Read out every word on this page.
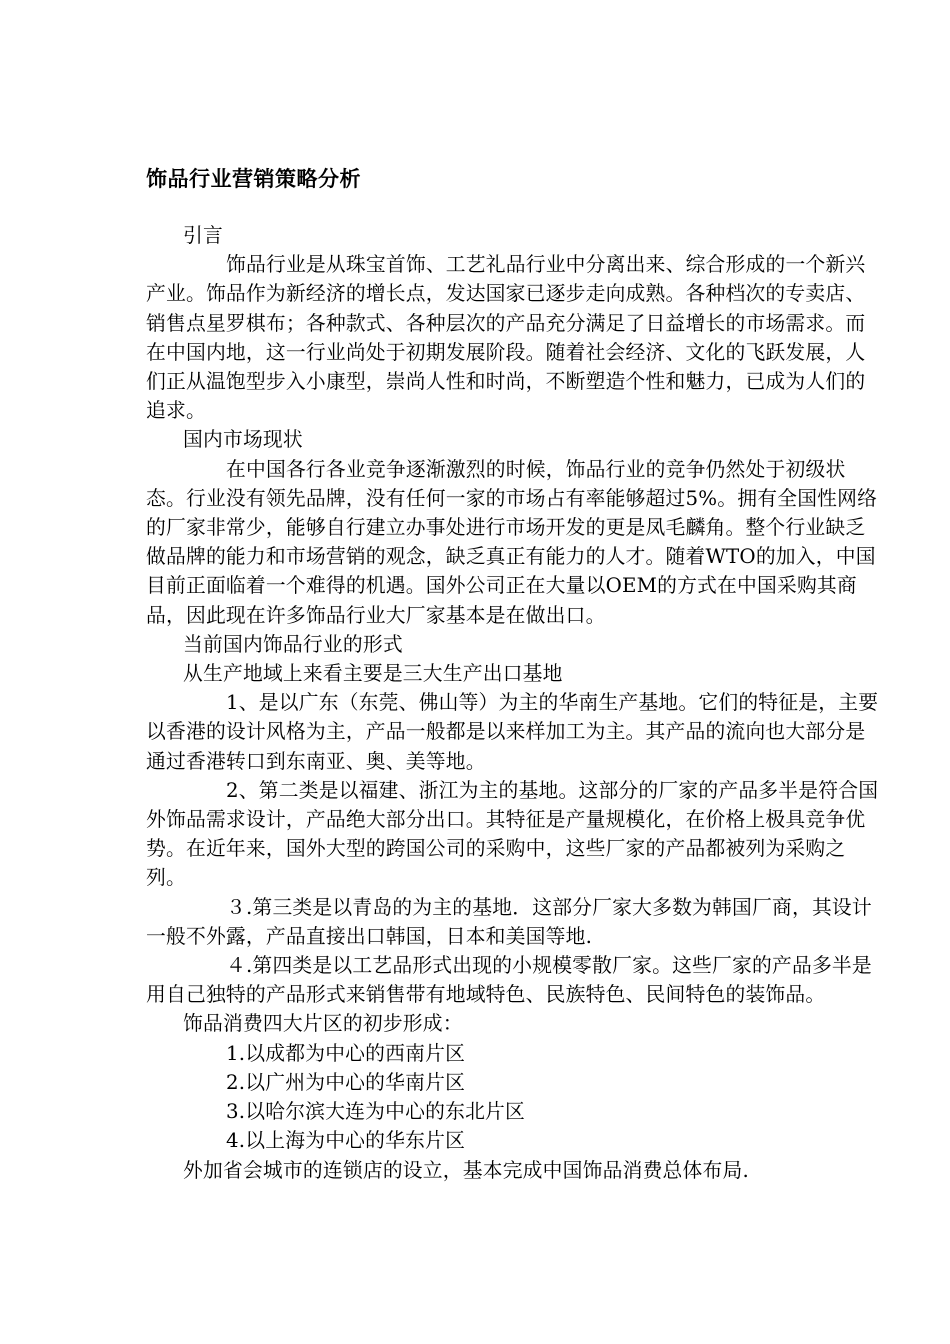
饰品行业营销策略分析

引言

饰品行业是从珠宝首饰、工艺礼品行业中分离出来、综合形成的一个新兴产业。饰品作为新经济的增长点，发达国家已逐步走向成熟。各种档次的专卖店、销售点星罗棋布；各种款式、各种层次的产品充分满足了日益增长的市场需求。而在中国内地，这一行业尚处于初期发展阶段。随着社会经济、文化的飞跃发展，人们正从温饱型步入小康型，崇尚人性和时尚，不断塑造个性和魅力，已成为人们的追求。

国内市场现状

在中国各行各业竞争逐渐激烈的时候，饰品行业的竞争仍然处于初级状态。行业没有领先品牌，没有任何一家的市场占有率能够超过5%。拥有全国性网络的厂家非常少，能够自行建立办事处进行市场开发的更是凤毛麟角。整个行业缺乏做品牌的能力和市场营销的观念，缺乏真正有能力的人才。随着WTO的加入，中国目前正面临着一个难得的机遇。国外公司正在大量以OEM的方式在中国采购其商品，因此现在许多饰品行业大厂家基本是在做出口。

当前国内饰品行业的形式

从生产地域上来看主要是三大生产出口基地

1、是以广东（东莞、佛山等）为主的华南生产基地。它们的特征是，主要以香港的设计风格为主，产品一般都是以来样加工为主。其产品的流向也大部分是通过香港转口到东南亚、奥、美等地。

2、第二类是以福建、浙江为主的基地。这部分的厂家的产品多半是符合国外饰品需求设计，产品绝大部分出口。其特征是产量规模化，在价格上极具竞争优势。在近年来，国外大型的跨国公司的采购中，这些厂家的产品都被列为采购之列。

３.第三类是以青岛的为主的基地．这部分厂家大多数为韩国厂商，其设计一般不外露，产品直接出口韩国，日本和美国等地.

４.第四类是以工艺品形式出现的小规模零散厂家。这些厂家的产品多半是用自己独特的产品形式来销售带有地域特色、民族特色、民间特色的装饰品。

饰品消费四大片区的初步形成：

1.以成都为中心的西南片区

2.以广州为中心的华南片区

3.以哈尔滨大连为中心的东北片区

4.以上海为中心的华东片区

外加省会城市的连锁店的设立，基本完成中国饰品消费总体布局.
